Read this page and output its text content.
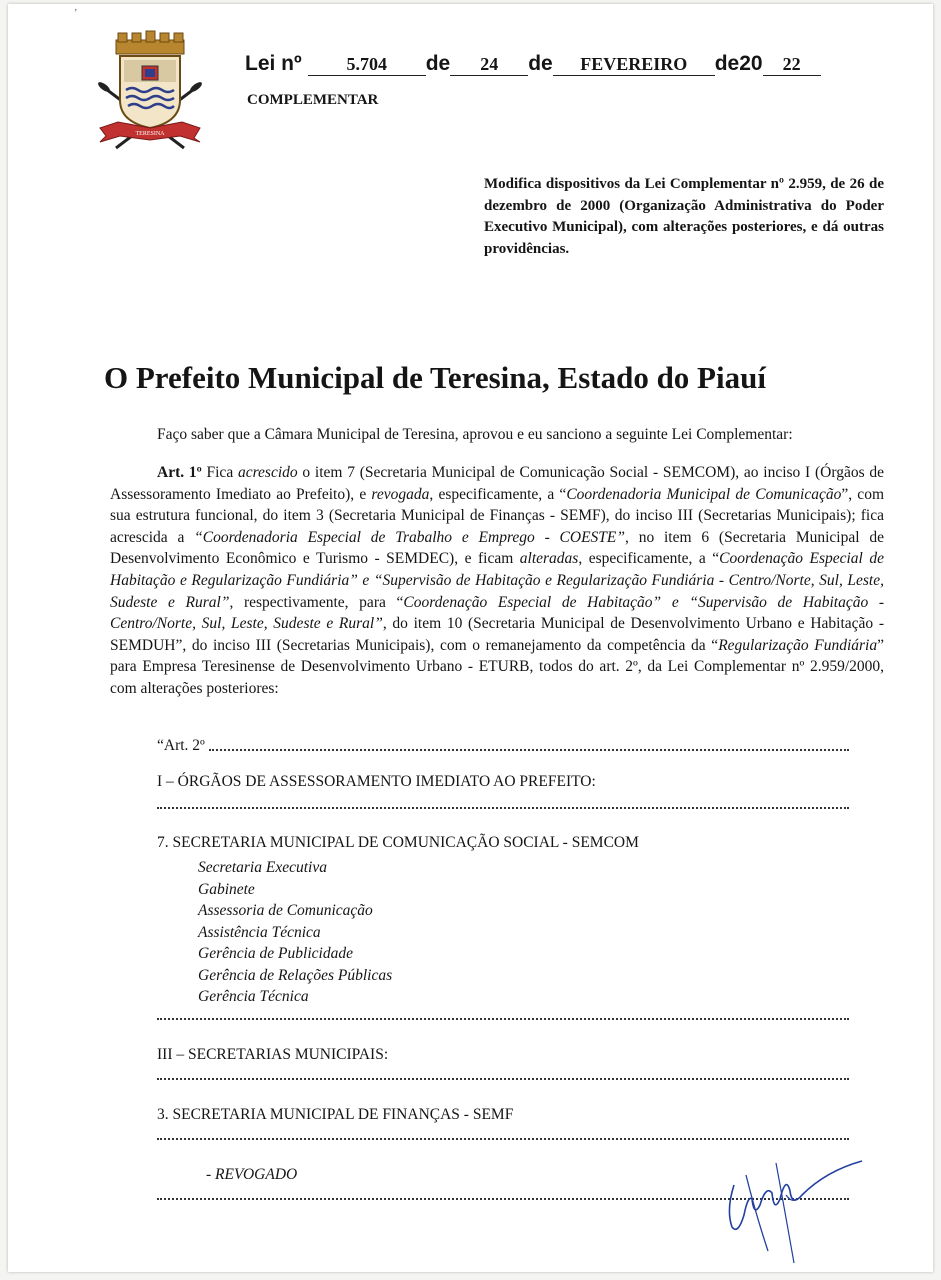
ʼ
TERESINA
Lei nº 5.704 de 24 de FEVEREIRO de20 22
COMPLEMENTAR
Modifica dispositivos da Lei Complementar nº 2.959, de 26 de dezembro de 2000 (Organização Administrativa do Poder Executivo Municipal), com alterações posteriores, e dá outras providências.
O Prefeito Municipal de Teresina, Estado do Piauí
Faço saber que a Câmara Municipal de Teresina, aprovou e eu sanciono a seguinte Lei Complementar:
Art. 1º Fica acrescido o item 7 (Secretaria Municipal de Comunicação Social - SEMCOM), ao inciso I (Órgãos de Assessoramento Imediato ao Prefeito), e revogada, especificamente, a “Coordenadoria Municipal de Comunicação”, com sua estrutura funcional, do item 3 (Secretaria Municipal de Finanças - SEMF), do inciso III (Secretarias Municipais); fica acrescida a “Coordenadoria Especial de Trabalho e Emprego - COESTE”, no item 6 (Secretaria Municipal de Desenvolvimento Econômico e Turismo - SEMDEC), e ficam alteradas, especificamente, a “Coordenação Especial de Habitação e Regularização Fundiária” e “Supervisão de Habitação e Regularização Fundiária - Centro/Norte, Sul, Leste, Sudeste e Rural”, respectivamente, para “Coordenação Especial de Habitação” e “Supervisão de Habitação - Centro/Norte, Sul, Leste, Sudeste e Rural”, do item 10 (Secretaria Municipal de Desenvolvimento Urbano e Habitação - SEMDUH”, do inciso III (Secretarias Municipais), com o remanejamento da competência da “Regularização Fundiária” para Empresa Teresinense de Desenvolvimento Urbano - ETURB, todos do art. 2º, da Lei Complementar nº 2.959/2000, com alterações posteriores:
“Art. 2º
I – ÓRGÃOS DE ASSESSORAMENTO IMEDIATO AO PREFEITO:
7. SECRETARIA MUNICIPAL DE COMUNICAÇÃO SOCIAL - SEMCOM
Secretaria Executiva
Gabinete
Assessoria de Comunicação
Assistência Técnica
Gerência de Publicidade
Gerência de Relações Públicas
Gerência Técnica
III – SECRETARIAS MUNICIPAIS:
3. SECRETARIA MUNICIPAL DE FINANÇAS - SEMF
- REVOGADO
